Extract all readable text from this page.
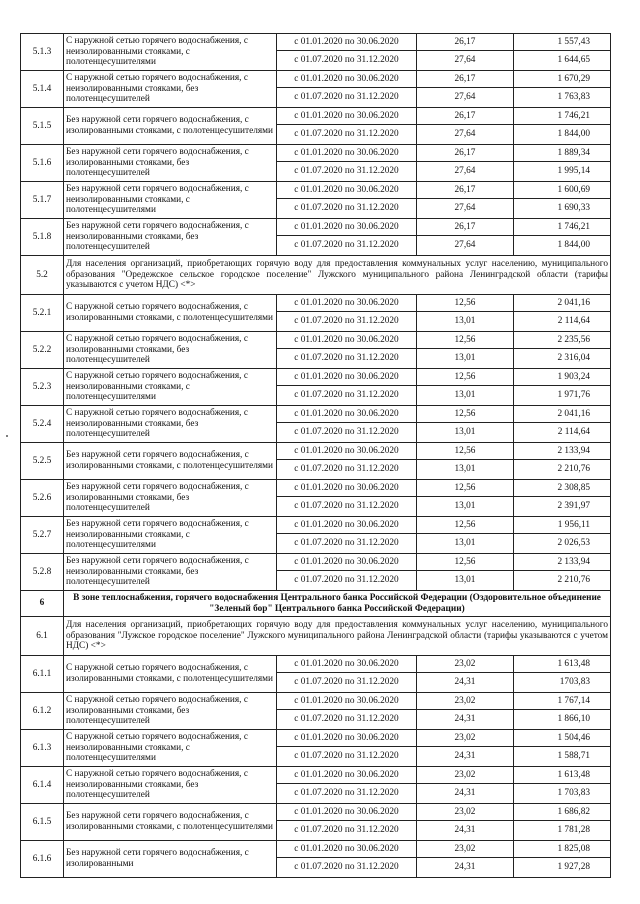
5.1.3	С наружной сетью горячего водоснабжения, с неизолированными стояками, с полотенцесушителями	с 01.01.2020 по 30.06.2020	26,17	1 557,43
		с 01.07.2020 по 31.12.2020	27,64	1 644,65
5.1.4	С наружной сетью горячего водоснабжения, с неизолированными стояками, без полотенцесушителей	с 01.01.2020 по 30.06.2020	26,17	1 670,29
		с 01.07.2020 по 31.12.2020	27,64	1 763,83
5.1.5	Без наружной сети горячего водоснабжения, с изолированными стояками, с полотенцесушителями	с 01.01.2020 по 30.06.2020	26,17	1 746,21
		с 01.07.2020 по 31.12.2020	27,64	1 844,00
5.1.6	Без наружной сети горячего водоснабжения, с изолированными стояками, без полотенцесушителей	с 01.01.2020 по 30.06.2020	26,17	1 889,34
		с 01.07.2020 по 31.12.2020	27,64	1 995,14
5.1.7	Без наружной сети горячего водоснабжения, с неизолированными стояками, с полотенцесушителями	с 01.01.2020 по 30.06.2020	26,17	1 600,69
		с 01.07.2020 по 31.12.2020	27,64	1 690,33
5.1.8	Без наружной сети горячего водоснабжения, с неизолированными стояками, без полотенцесушителей	с 01.01.2020 по 30.06.2020	26,17	1 746,21
		с 01.07.2020 по 31.12.2020	27,64	1 844,00
5.2	Для населения организаций, приобретающих горячую воду для предоставления коммунальных услуг населению, муниципального образования "Оредежское сельское городское поселение" Лужского муниципального района Ленинградской области (тарифы указываются с учетом НДС) <*>			
5.2.1	С наружной сетью горячего водоснабжения, с изолированными стояками, с полотенцесушителями	с 01.01.2020 по 30.06.2020	12,56	2 041,16
		с 01.07.2020 по 31.12.2020	13,01	2 114,64
5.2.2	С наружной сетью горячего водоснабжения, с изолированными стояками, без полотенцесушителей	с 01.01.2020 по 30.06.2020	12,56	2 235,56
		с 01.07.2020 по 31.12.2020	13,01	2 316,04
5.2.3	С наружной сетью горячего водоснабжения, с неизолированными стояками, с полотенцесушителями	с 01.01.2020 по 30.06.2020	12,56	1 903,24
		с 01.07.2020 по 31.12.2020	13,01	1 971,76
5.2.4	С наружной сетью горячего водоснабжения, с неизолированными стояками, без полотенцесушителей	с 01.01.2020 по 30.06.2020	12,56	2 041,16
		с 01.07.2020 по 31.12.2020	13,01	2 114,64
5.2.5	Без наружной сети горячего водоснабжения, с изолированными стояками, с полотенцесушителями	с 01.01.2020 по 30.06.2020	12,56	2 133,94
		с 01.07.2020 по 31.12.2020	13,01	2 210,76
5.2.6	Без наружной сети горячего водоснабжения, с изолированными стояками, без полотенцесушителей	с 01.01.2020 по 30.06.2020	12,56	2 308,85
		с 01.07.2020 по 31.12.2020	13,01	2 391,97
5.2.7	Без наружной сети горячего водоснабжения, с неизолированными стояками, с полотенцесушителями	с 01.01.2020 по 30.06.2020	12,56	1 956,11
		с 01.07.2020 по 31.12.2020	13,01	2 026,53
5.2.8	Без наружной сети горячего водоснабжения, с неизолированными стояками, без полотенцесушителей	с 01.01.2020 по 30.06.2020	12,56	2 133,94
		с 01.07.2020 по 31.12.2020	13,01	2 210,76
6	В зоне теплоснабжения, горячего водоснабжения Центрального банка Российской Федерации (Оздоровительное объединение "Зеленый бор" Центрального банка Российской Федерации)			
6.1	Для населения организаций, приобретающих горячую воду для предоставления коммунальных услуг населению, муниципального образования "Лужское городское поселение" Лужского муниципального района Ленинградской области (тарифы указываются с учетом НДС) <*>			
6.1.1	С наружной сетью горячего водоснабжения, с изолированными стояками, с полотенцесушителями	с 01.01.2020 по 30.06.2020	23,02	1 613,48
		с 01.07.2020 по 31.12.2020	24,31	1703,83
6.1.2	С наружной сетью горячего водоснабжения, с изолированными стояками, без полотенцесушителей	с 01.01.2020 по 30.06.2020	23,02	1 767,14
		с 01.07.2020 по 31.12.2020	24,31	1 866,10
6.1.3	С наружной сетью горячего водоснабжения, с неизолированными стояками, с полотенцесушителями	с 01.01.2020 по 30.06.2020	23,02	1 504,46
		с 01.07.2020 по 31.12.2020	24,31	1 588,71
6.1.4	С наружной сетью горячего водоснабжения, с неизолированными стояками, без полотенцесушителей	с 01.01.2020 по 30.06.2020	23,02	1 613,48
		с 01.07.2020 по 31.12.2020	24,31	1 703,83
6.1.5	Без наружной сети горячего водоснабжения, с изолированными стояками, с полотенцесушителями	с 01.01.2020 по 30.06.2020	23,02	1 686,82
		с 01.07.2020 по 31.12.2020	24,31	1 781,28
6.1.6	Без наружной сети горячего водоснабжения, с изолированными	с 01.01.2020 по 30.06.2020	23,02	1 825,08
		с 01.07.2020 по 31.12.2020	24,31	1 927,28
